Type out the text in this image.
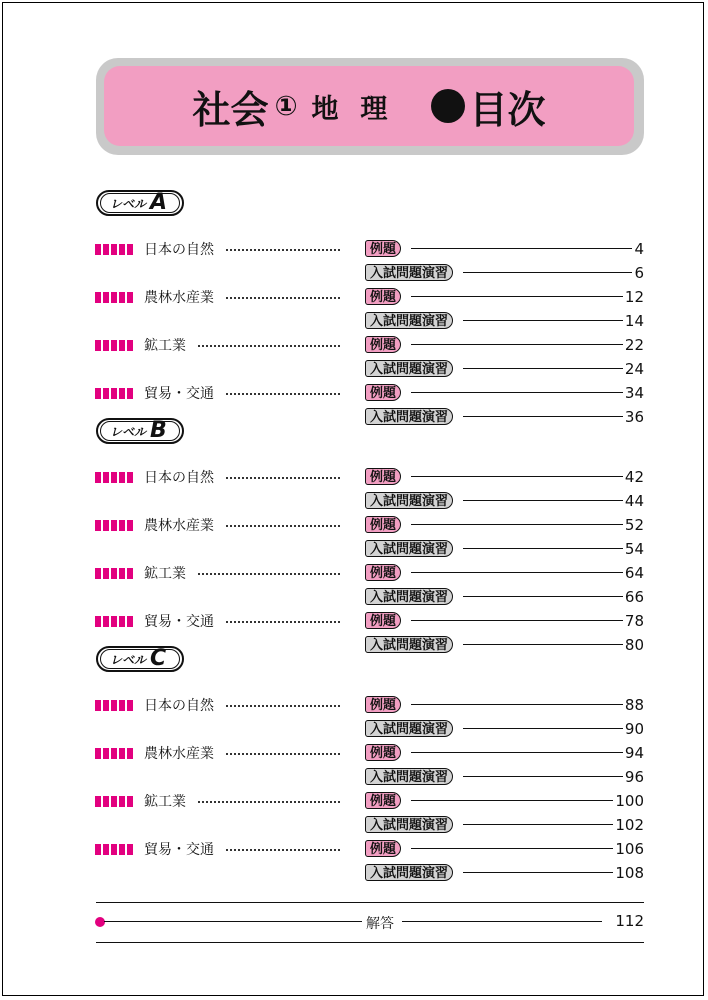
社会 ① 地理 目次
レベル A
日本の自然	例題	4
入試問題演習	6
農林水産業	例題	12
入試問題演習	14
鉱工業	例題	22
入試問題演習	24
貿易・交通	例題	34
入試問題演習	36
レベル B
日本の自然	例題	42
入試問題演習	44
農林水産業	例題	52
入試問題演習	54
鉱工業	例題	64
入試問題演習	66
貿易・交通	例題	78
入試問題演習	80
レベル C
日本の自然	例題	88
入試問題演習	90
農林水産業	例題	94
入試問題演習	96
鉱工業	例題	100
入試問題演習	102
貿易・交通	例題	106
入試問題演習	108
解答	112
